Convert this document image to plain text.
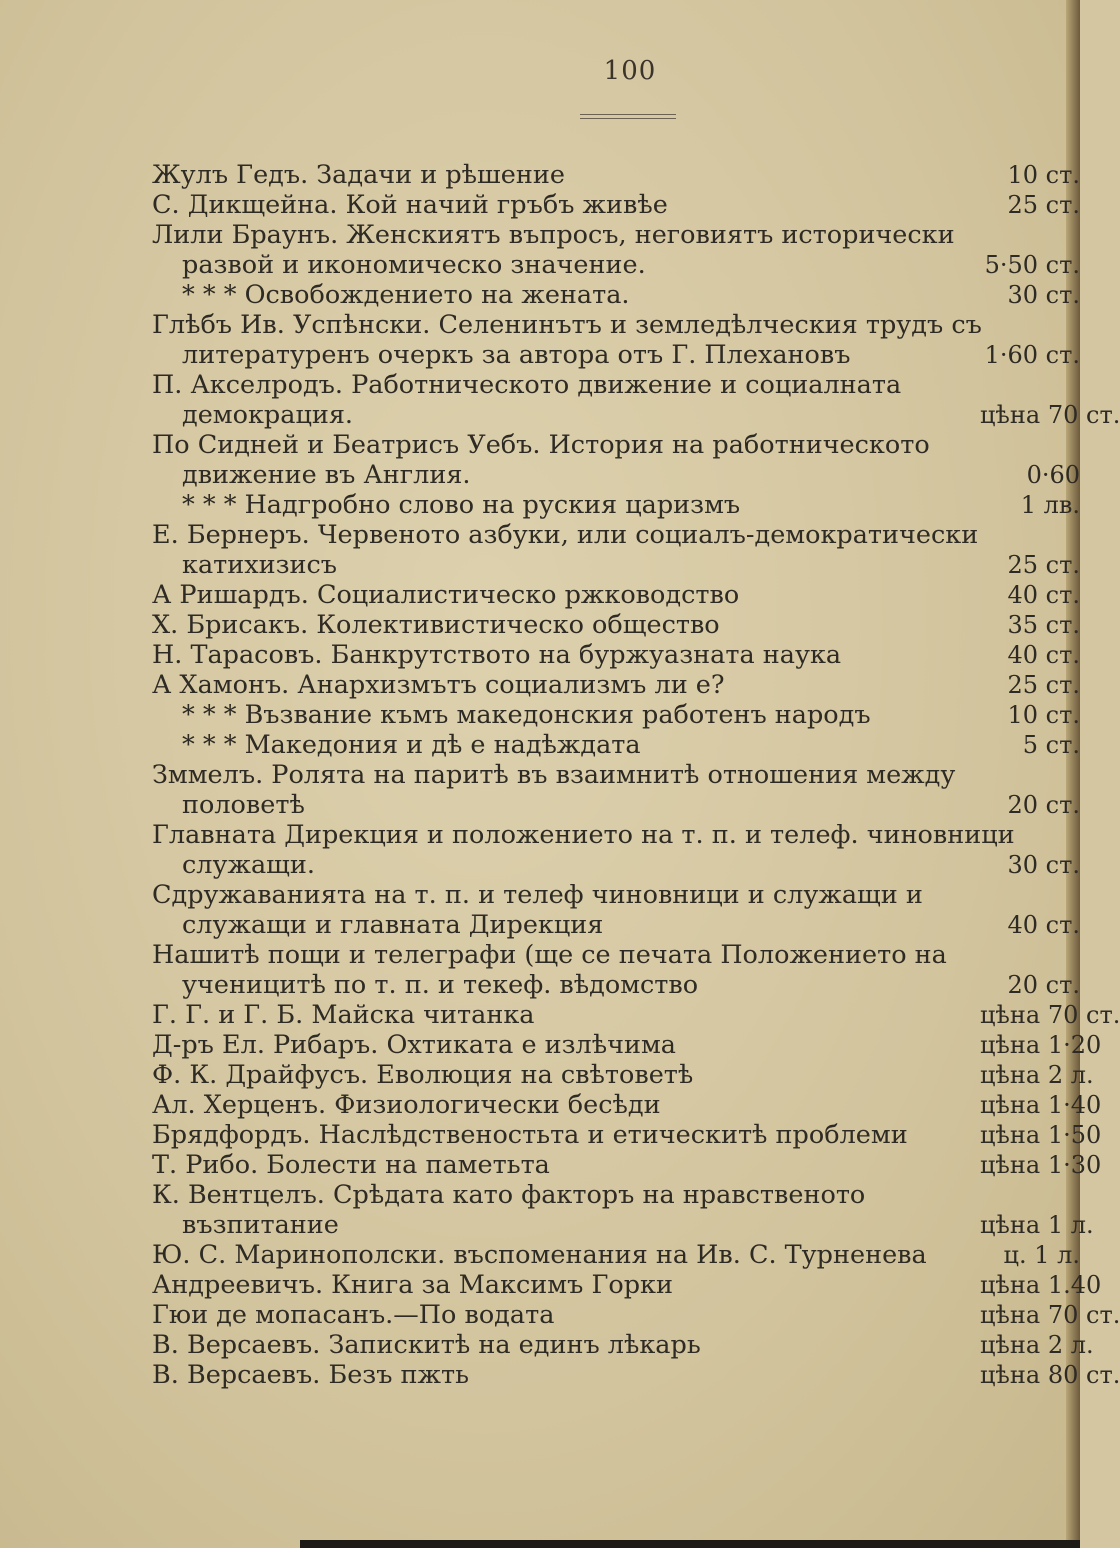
100
Жулъ Гедъ. Задачи и рѣшение	10 ст.
С. Дикщейна. Кой начий гръбъ живѣе	25 ст.
Лили Браунъ. Женскиятъ въпросъ, неговиятъ исторически развой и икономическо значение.	5·50 ст.
* * * Освобождението на жената.	30 ст.
Глѣбъ Ив. Успѣнски. Селенинътъ и земледѣлческия трудъ съ литературенъ очеркъ за автора отъ Г. Плехановъ	1·60 ст.
П. Акселродъ. Работническото движение и социалната демокрация.	цѣна 70 ст.
По Сидней и Беатрисъ Уебъ. История на работническото движение въ Англия.	0·60
* * * Надгробно слово на руския царизмъ	1 лв.
Е. Бернеръ. Червеното азбуки, или социалъ-демократически катихизисъ	25 ст.
А Ришардъ. Социалистическо ржководство	40 ст.
Х. Брисакъ. Колективистическо общество	35 ст.
Н. Тарасовъ. Банкрутството на буржуазната наука	40 ст.
А Хамонъ. Анархизмътъ социализмъ ли е?	25 ст.
* * * Възвание къмъ македонския работенъ народъ	10 ст.
* * * Македония и дѣ е надѣждата	5 ст.
Зммелъ. Ролята на паритѣ въ взаимнитѣ отношения между половетѣ	20 ст.
Главната Дирекция и положението на т. п. и телеф. чиновници служащи.	30 ст.
Сдружаванията на т. п. и телеф чиновници и служащи и служащи и главната Дирекция	40 ст.
Нашитѣ пощи и телеграфи (ще се печата Положението на ученицитѣ по т. п. и текеф. вѣдомство	20 ст.
Г. Г. и Г. Б. Майска читанка	цѣна 70 ст.
Д-ръ Ел. Рибаръ. Охтиката е излѣчима	цѣна 1·20
Ф. К. Драйфусъ. Еволюция на свѣтоветѣ	цѣна 2 л.
Ал. Херценъ. Физиологически бесѣди	цѣна 1·40
Брядфордъ. Наслѣдственостьта и етическитѣ проблеми	цѣна 1·50
Т. Рибо. Болести на паметьта	цѣна 1·30
К. Вентцелъ. Срѣдата като факторъ на нравственото възпитание	цѣна 1 л.
Ю. С. Маринополски. въспоменания на Ив. С. Турненева	ц. 1 л.
Андреевичъ. Книга за Максимъ Горки	цѣна 1.40
Гюи де мопасанъ.—По водата	цѣна 70 ст.
В. Версаевъ. Запискитѣ на единъ лѣкарь	цѣна 2 л.
В. Версаевъ. Безъ пжть	цѣна 80 ст.
